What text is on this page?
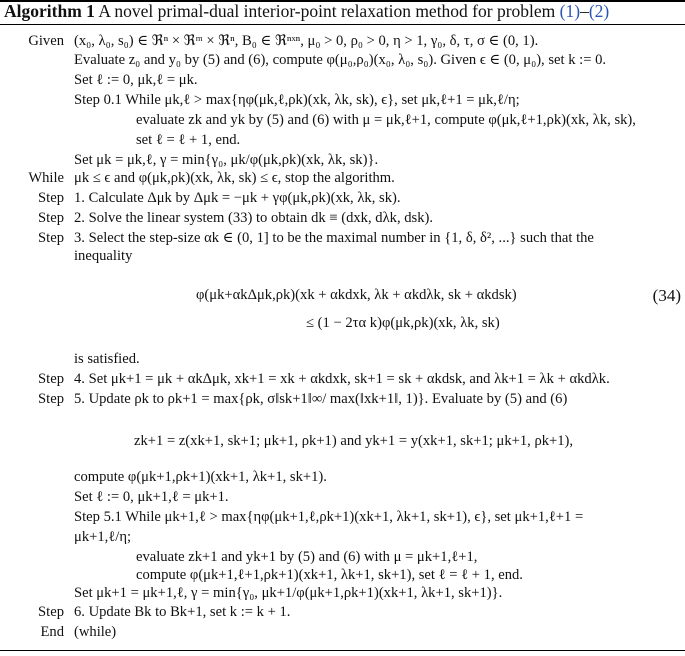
Algorithm 1 A novel primal-dual interior-point relaxation method for problem (1)–(2)
Given
While
Step
Step
Step
Step
Step
Step
End
(x₀, λ₀, s₀) ∈ ℜⁿ × ℜᵐ × ℜⁿ, B₀ ∈ ℜⁿˣⁿ, μ₀ > 0, ρ₀ > 0, η > 1, γ₀, δ, τ, σ ∈ (0, 1).
Evaluate z₀ and y₀ by (5) and (6), compute φ(μ₀,ρ₀)(x₀, λ₀, s₀). Given ϵ ∈ (0, μ₀), set k := 0.
Set ℓ := 0, μk,ℓ = μk.
Step 0.1 While μk,ℓ > max{ηφ(μk,ℓ,ρk)(xk, λk, sk), ϵ}, set μk,ℓ+1 = μk,ℓ/η;
evaluate zk and yk by (5) and (6) with μ = μk,ℓ+1, compute φ(μk,ℓ+1,ρk)(xk, λk, sk),
set ℓ = ℓ + 1, end.
Set μk = μk,ℓ, γ = min{γ₀, μk/φ(μk,ρk)(xk, λk, sk)}.
μk ≤ ϵ and φ(μk,ρk)(xk, λk, sk) ≤ ϵ, stop the algorithm.
1. Calculate Δμk by Δμk = −μk + γφ(μk,ρk)(xk, λk, sk).
2. Solve the linear system (33) to obtain dk ≡ (dxk, dλk, dsk).
3. Select the step-size αk ∈ (0, 1] to be the maximal number in {1, δ, δ², ...} such that the
inequality
φ(μk+αkΔμk,ρk)(xk + αkdxk, λk + αkdλk, sk + αkdsk)	(34)
≤ (1 − 2τα k)φ(μk,ρk)(xk, λk, sk)
is satisfied.
4. Set μk+1 = μk + αkΔμk, xk+1 = xk + αkdxk, sk+1 = sk + αkdsk, and λk+1 = λk + αkdλk.
5. Update ρk to ρk+1 = max{ρk, σ‖sk+1‖∞/ max(‖xk+1‖, 1)}. Evaluate by (5) and (6)
zk+1 = z(xk+1, sk+1; μk+1, ρk+1) and yk+1 = y(xk+1, sk+1; μk+1, ρk+1),
compute φ(μk+1,ρk+1)(xk+1, λk+1, sk+1).
Set ℓ := 0, μk+1,ℓ = μk+1.
Step 5.1 While μk+1,ℓ > max{ηφ(μk+1,ℓ,ρk+1)(xk+1, λk+1, sk+1), ϵ}, set μk+1,ℓ+1 =
μk+1,ℓ/η;
evaluate zk+1 and yk+1 by (5) and (6) with μ = μk+1,ℓ+1,
compute φ(μk+1,ℓ+1,ρk+1)(xk+1, λk+1, sk+1), set ℓ = ℓ + 1, end.
Set μk+1 = μk+1,ℓ, γ = min{γ₀, μk+1/φ(μk+1,ρk+1)(xk+1, λk+1, sk+1)}.
6. Update Bk to Bk+1, set k := k + 1.
(while)
